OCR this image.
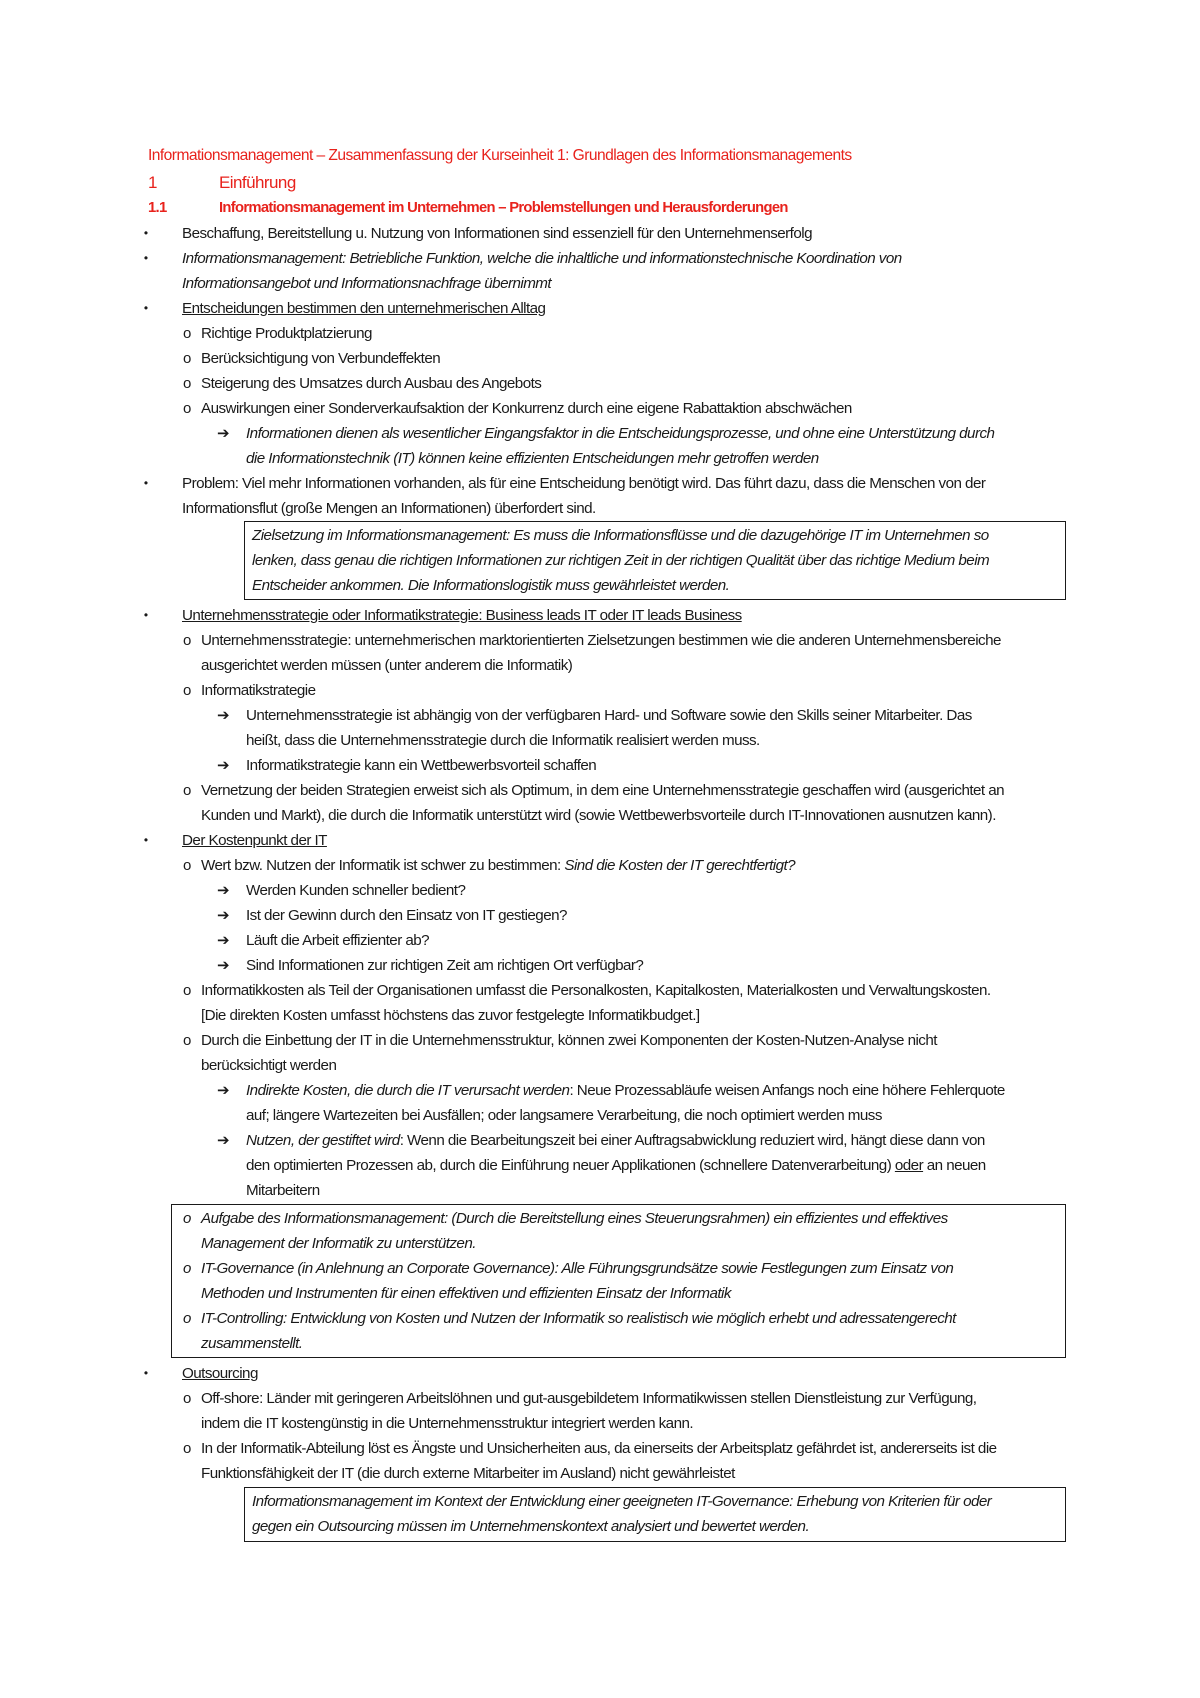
Informationsmanagement – Zusammenfassung der Kurseinheit 1: Grundlagen des Informationsmanagements
1	Einführung
1.1	Informationsmanagement im Unternehmen – Problemstellungen und Herausforderungen
• Beschaffung, Bereitstellung u. Nutzung von Informationen sind essenziell für den Unternehmenserfolg
• Informationsmanagement: Betriebliche Funktion, welche die inhaltliche und informationstechnische Koordination von
Informationsangebot und Informationsnachfrage übernimmt
• Entscheidungen bestimmen den unternehmerischen Alltag
o Richtige Produktplatzierung
o Berücksichtigung von Verbundeffekten
o Steigerung des Umsatzes durch Ausbau des Angebots
o Auswirkungen einer Sonderverkaufsaktion der Konkurrenz durch eine eigene Rabattaktion abschwächen
➔ Informationen dienen als wesentlicher Eingangsfaktor in die Entscheidungsprozesse, und ohne eine Unterstützung durch
die Informationstechnik (IT) können keine effizienten Entscheidungen mehr getroffen werden
• Problem: Viel mehr Informationen vorhanden, als für eine Entscheidung benötigt wird. Das führt dazu, dass die Menschen von der
Informationsflut (große Mengen an Informationen) überfordert sind.
Zielsetzung im Informationsmanagement: Es muss die Informationsflüsse und die dazugehörige IT im Unternehmen so
lenken, dass genau die richtigen Informationen zur richtigen Zeit in der richtigen Qualität über das richtige Medium beim
Entscheider ankommen. Die Informationslogistik muss gewährleistet werden.
• Unternehmensstrategie oder Informatikstrategie: Business leads IT oder IT leads Business
o Unternehmensstrategie: unternehmerischen marktorientierten Zielsetzungen bestimmen wie die anderen Unternehmensbereiche
ausgerichtet werden müssen (unter anderem die Informatik)
o Informatikstrategie
➔ Unternehmensstrategie ist abhängig von der verfügbaren Hard- und Software sowie den Skills seiner Mitarbeiter. Das
heißt, dass die Unternehmensstrategie durch die Informatik realisiert werden muss.
➔ Informatikstrategie kann ein Wettbewerbsvorteil schaffen
o Vernetzung der beiden Strategien erweist sich als Optimum, in dem eine Unternehmensstrategie geschaffen wird (ausgerichtet an
Kunden und Markt), die durch die Informatik unterstützt wird (sowie Wettbewerbsvorteile durch IT-Innovationen ausnutzen kann).
• Der Kostenpunkt der IT
o Wert bzw. Nutzen der Informatik ist schwer zu bestimmen: Sind die Kosten der IT gerechtfertigt?
➔ Werden Kunden schneller bedient?
➔ Ist der Gewinn durch den Einsatz von IT gestiegen?
➔ Läuft die Arbeit effizienter ab?
➔ Sind Informationen zur richtigen Zeit am richtigen Ort verfügbar?
o Informatikkosten als Teil der Organisationen umfasst die Personalkosten, Kapitalkosten, Materialkosten und Verwaltungskosten.
[Die direkten Kosten umfasst höchstens das zuvor festgelegte Informatikbudget.]
o Durch die Einbettung der IT in die Unternehmensstruktur, können zwei Komponenten der Kosten-Nutzen-Analyse nicht
berücksichtigt werden
➔ Indirekte Kosten, die durch die IT verursacht werden: Neue Prozessabläufe weisen Anfangs noch eine höhere Fehlerquote
auf; längere Wartezeiten bei Ausfällen; oder langsamere Verarbeitung, die noch optimiert werden muss
➔ Nutzen, der gestiftet wird: Wenn die Bearbeitungszeit bei einer Auftragsabwicklung reduziert wird, hängt diese dann von
den optimierten Prozessen ab, durch die Einführung neuer Applikationen (schnellere Datenverarbeitung) oder an neuen
Mitarbeitern
o Aufgabe des Informationsmanagement: (Durch die Bereitstellung eines Steuerungsrahmen) ein effizientes und effektives
Management der Informatik zu unterstützen.
o IT-Governance (in Anlehnung an Corporate Governance): Alle Führungsgrundsätze sowie Festlegungen zum Einsatz von
Methoden und Instrumenten für einen effektiven und effizienten Einsatz der Informatik
o IT-Controlling: Entwicklung von Kosten und Nutzen der Informatik so realistisch wie möglich erhebt und adressatengerecht
zusammenstellt.
• Outsourcing
o Off-shore: Länder mit geringeren Arbeitslöhnen und gut-ausgebildetem Informatikwissen stellen Dienstleistung zur Verfügung,
indem die IT kostengünstig in die Unternehmensstruktur integriert werden kann.
o In der Informatik-Abteilung löst es Ängste und Unsicherheiten aus, da einerseits der Arbeitsplatz gefährdet ist, andererseits ist die
Funktionsfähigkeit der IT (die durch externe Mitarbeiter im Ausland) nicht gewährleistet
Informationsmanagement im Kontext der Entwicklung einer geeigneten IT-Governance: Erhebung von Kriterien für oder
gegen ein Outsourcing müssen im Unternehmenskontext analysiert und bewertet werden.
